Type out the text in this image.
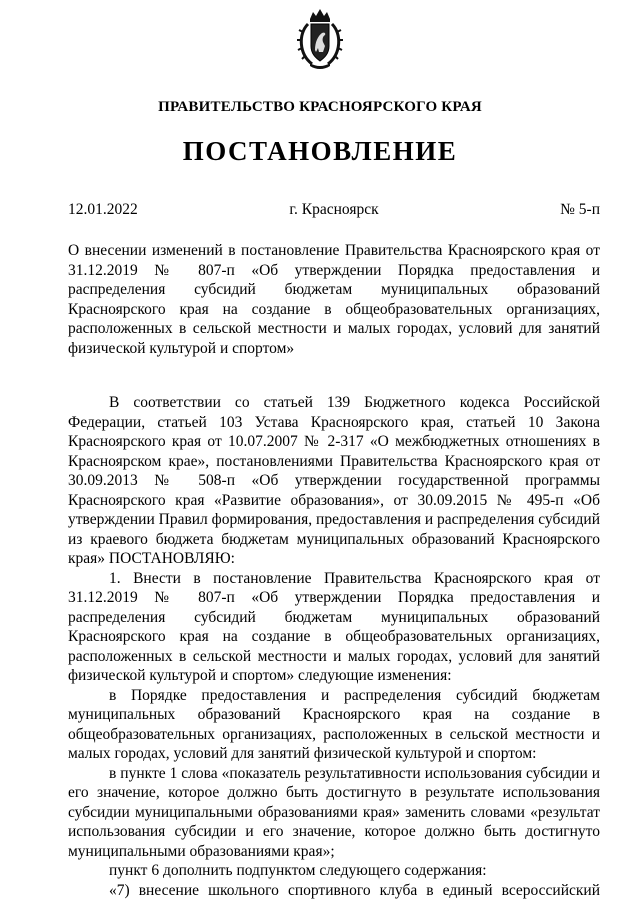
ПРАВИТЕЛЬСТВО КРАСНОЯРСКОГО КРАЯ
ПОСТАНОВЛЕНИЕ
12.01.2022	г. Красноярск	№ 5-п
О внесении изменений в постановление Правительства Красноярского края от 31.12.2019 № 807-п «Об утверждении Порядка предоставления и распределения субсидий бюджетам муниципальных образований Красноярского края на создание в общеобразовательных организациях, расположенных в сельской местности и малых городах, условий для занятий физической культурой и спортом»

В соответствии со статьей 139 Бюджетного кодекса Российской Федерации, статьей 103 Устава Красноярского края, статьей 10 Закона Красноярского края от 10.07.2007 № 2-317 «О межбюджетных отношениях в Красноярском крае», постановлениями Правительства Красноярского края от 30.09.2013 № 508-п «Об утверждении государственной программы Красноярского края «Развитие образования», от 30.09.2015 № 495-п «Об утверждении Правил формирования, предоставления и распределения субсидий из краевого бюджета бюджетам муниципальных образований Красноярского края» ПОСТАНОВЛЯЮ:

1. Внести в постановление Правительства Красноярского края от 31.12.2019 № 807-п «Об утверждении Порядка предоставления и распределения субсидий бюджетам муниципальных образований Красноярского края на создание в общеобразовательных организациях, расположенных в сельской местности и малых городах, условий для занятий физической культурой и спортом» следующие изменения:

в Порядке предоставления и распределения субсидий бюджетам муниципальных образований Красноярского края на создание в общеобразовательных организациях, расположенных в сельской местности и малых городах, условий для занятий физической культурой и спортом:

в пункте 1 слова «показатель результативности использования субсидии и его значение, которое должно быть достигнуто в результате использования субсидии муниципальными образованиями края» заменить словами «результат использования субсидии и его значение, которое должно быть достигнуто муниципальными образованиями края»;

пункт 6 дополнить подпунктом следующего содержания:

«7) внесение школьного спортивного клуба в единый всероссийский
